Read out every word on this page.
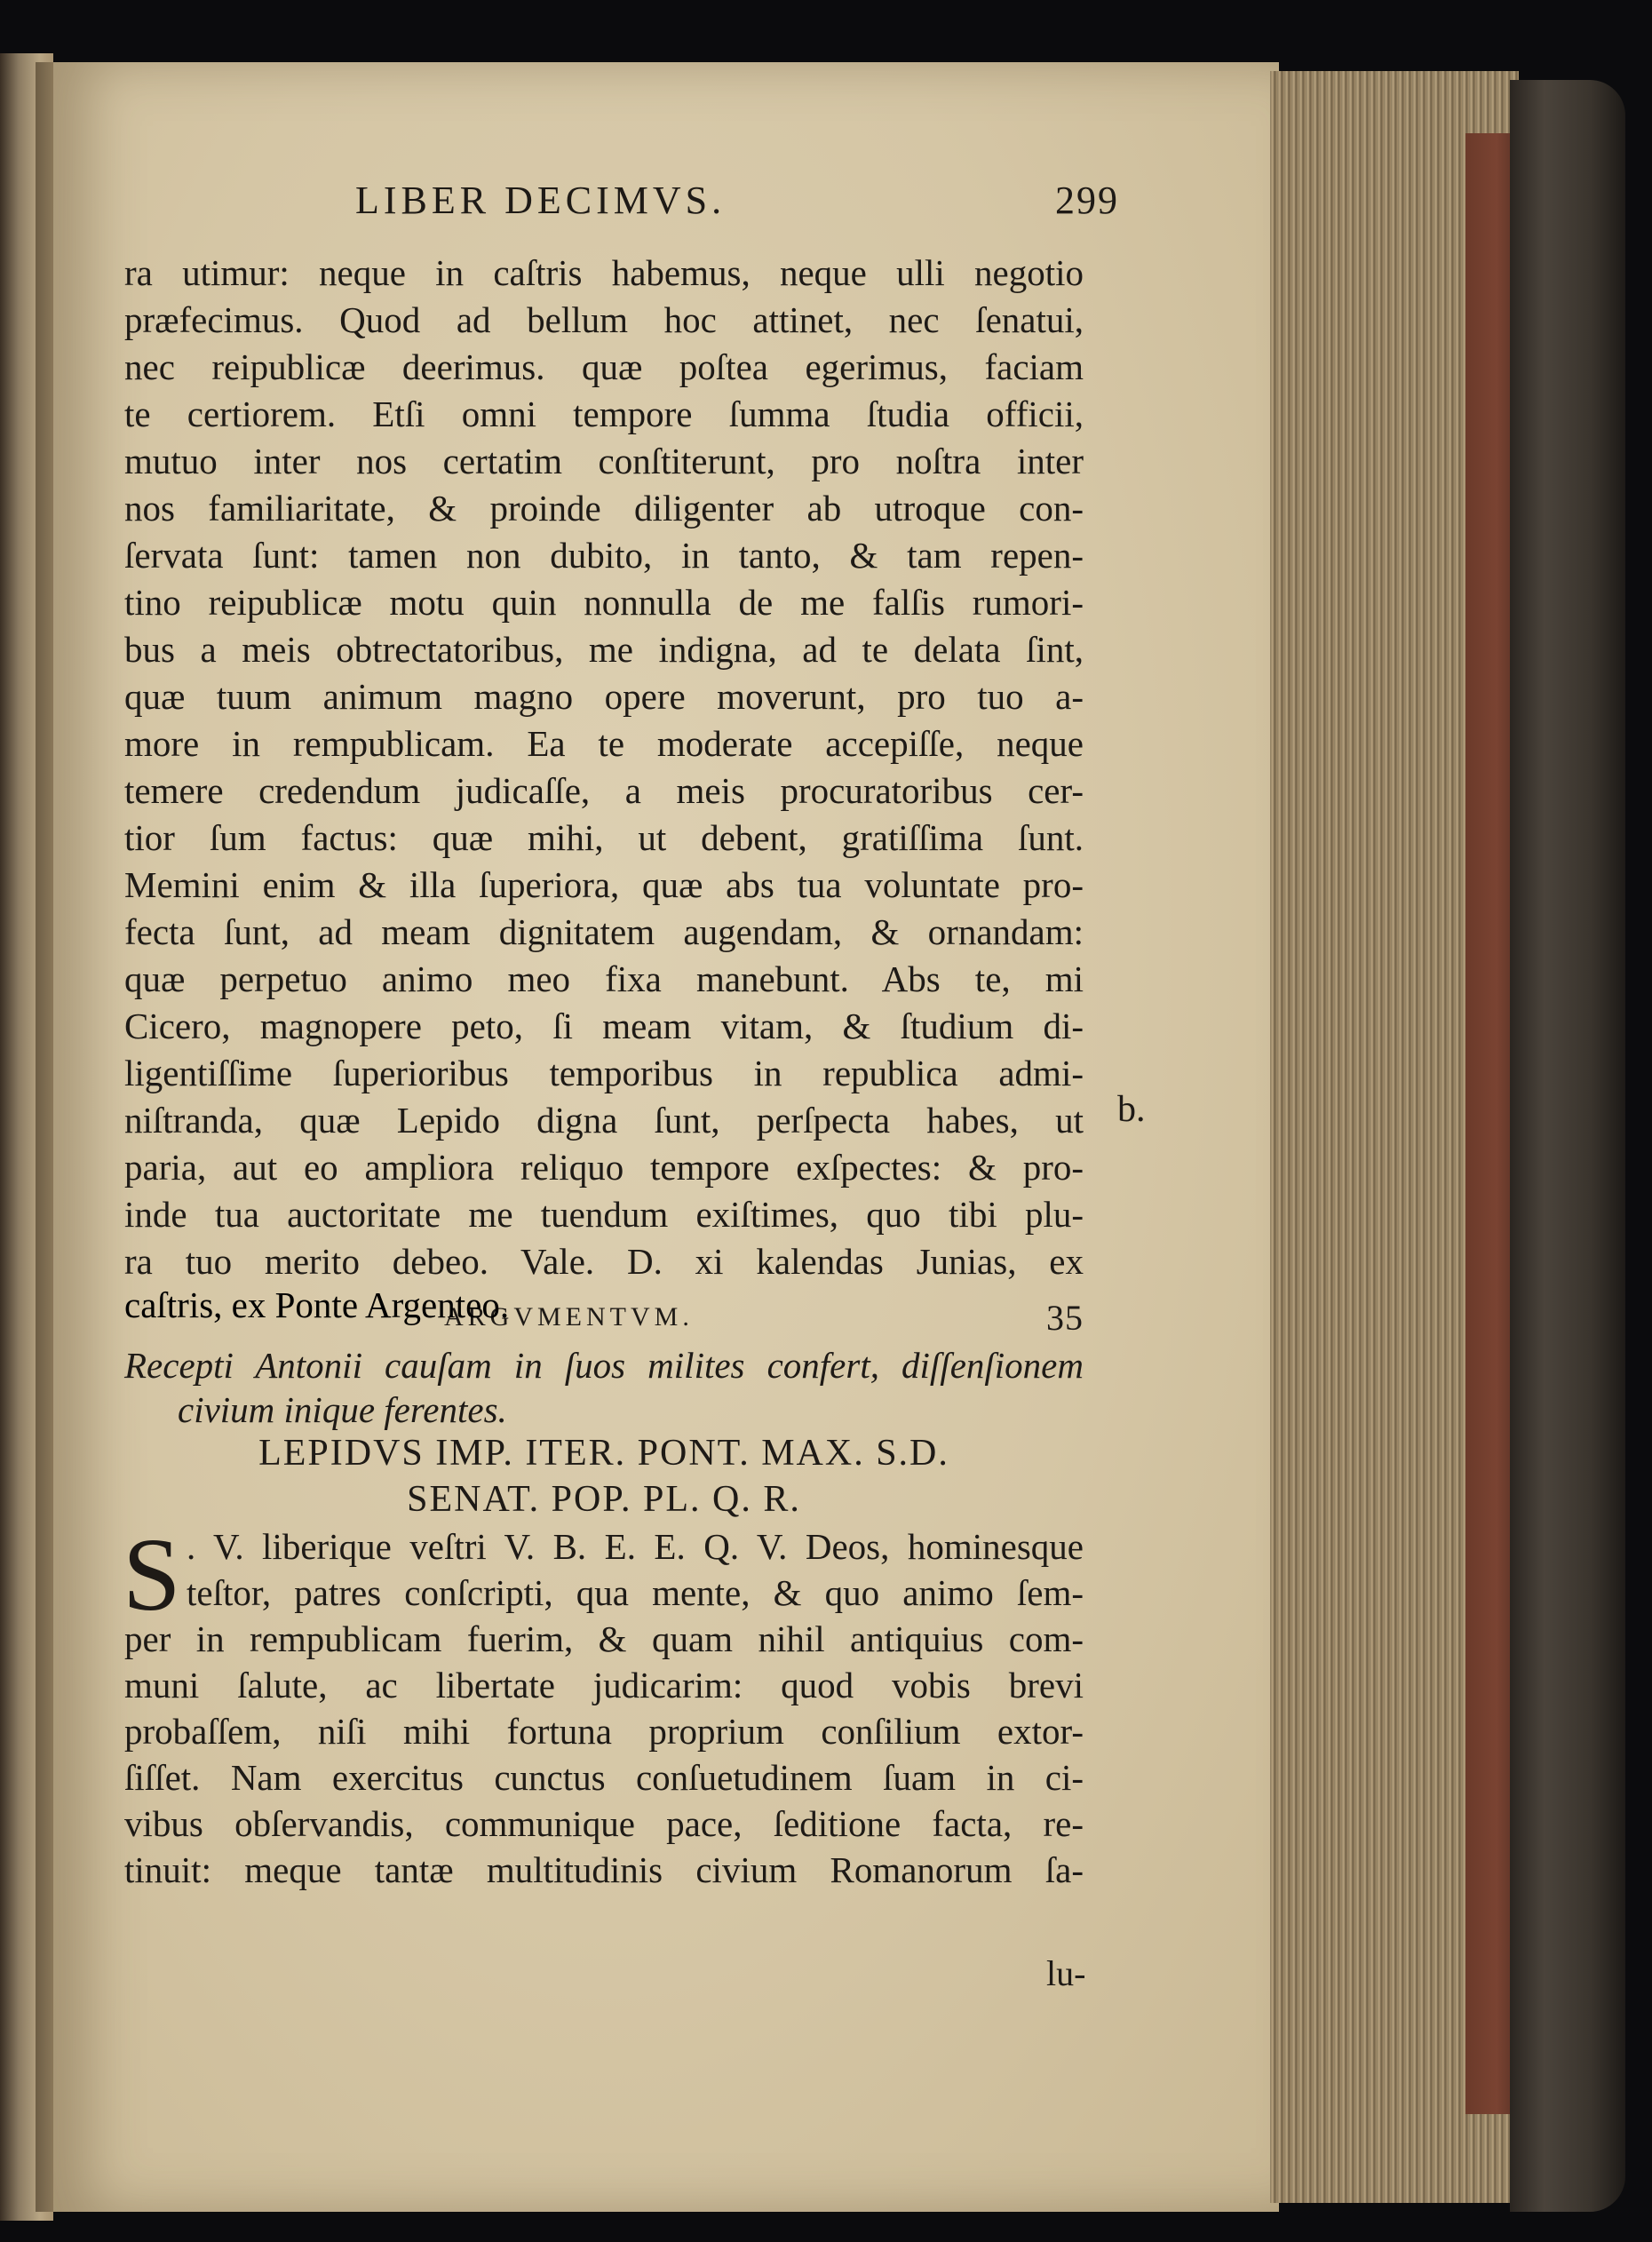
LIBER DECIMVS.	299
ra utimur: neque in caſtris habemus, neque ulli negotio
præfecimus. Quod ad bellum hoc attinet, nec ſenatui,
nec reipublicæ deerimus. quæ poſtea egerimus, faciam
te certiorem. Etſi omni tempore ſumma ſtudia officii,
mutuo inter nos certatim conſtiterunt, pro noſtra inter
nos familiaritate, & proinde diligenter ab utroque con-
ſervata ſunt: tamen non dubito, in tanto, & tam repen-
tino reipublicæ motu quin nonnulla de me falſis rumori-
bus a meis obtrectatoribus, me indigna, ad te delata ſint,
quæ tuum animum magno opere moverunt, pro tuo a-
more in rempublicam. Ea te moderate accepiſſe, neque
temere credendum judicaſſe, a meis procuratoribus cer-
tior ſum factus: quæ mihi, ut debent, gratiſſima ſunt.
Memini enim & illa ſuperiora, quæ abs tua voluntate pro-
fecta ſunt, ad meam dignitatem augendam, & ornandam:
quæ perpetuo animo meo fixa manebunt. Abs te, mi
Cicero, magnopere peto, ſi meam vitam, & ſtudium di-
ligentiſſime ſuperioribus temporibus in republica admi-
niſtranda, quæ Lepido digna ſunt, perſpecta habes, ut
paria, aut eo ampliora reliquo tempore exſpectes: & pro-
inde tua auctoritate me tuendum exiſtimes, quo tibi plu-
ra tuo merito debeo. Vale. D. xi kalendas Junias, ex
b.
ARGVMENTVM.	35
Recepti Antonii cauſam in ſuos milites confert, diſſenſionem
civium inique ferentes.
LEPIDVS IMP. ITER. PONT. MAX. S.D.
SENAT. POP. PL. Q. R.
S . V. liberique veſtri V. B. E. E. Q. V. Deos, hominesque
teſtor, patres conſcripti, qua mente, & quo animo ſem-
per in rempublicam fuerim, & quam nihil antiquius com-
muni ſalute, ac libertate judicarim: quod vobis brevi
probaſſem, niſi mihi fortuna proprium conſilium extor-
ſiſſet. Nam exercitus cunctus conſuetudinem ſuam in ci-
vibus obſervandis, communique pace, ſeditione facta, re-
tinuit: meque tantæ multitudinis civium Romanorum ſa-
lu-
caſtris, ex Ponte Argenteo.
